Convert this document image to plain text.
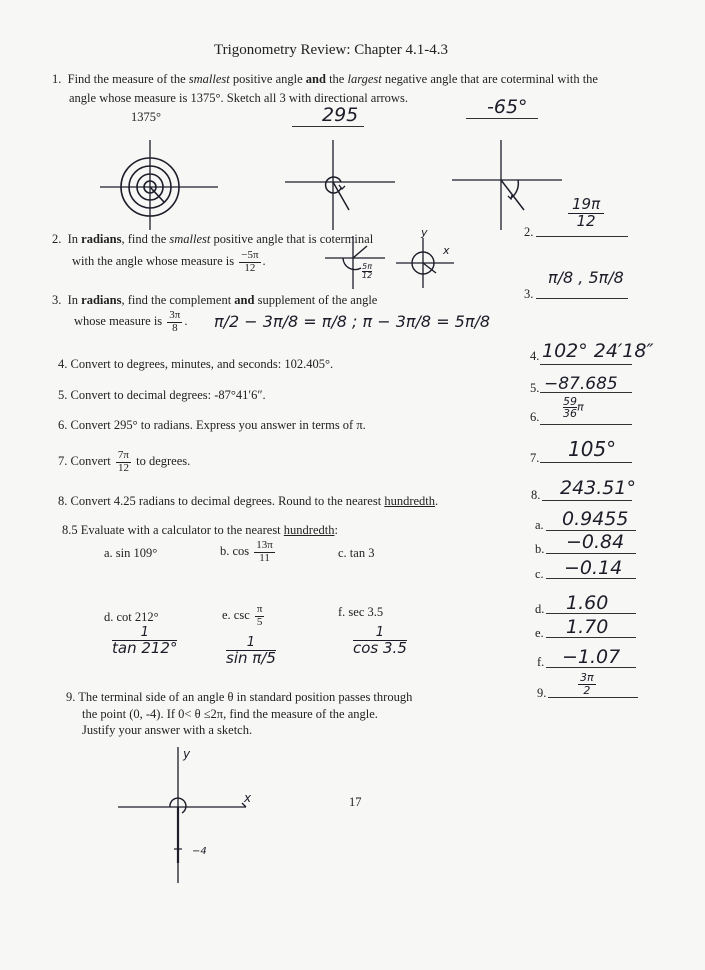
Trigonometry Review: Chapter 4.1-4.3
1. Find the measure of the smallest positive angle and the largest negative angle that are coterminal with the
angle whose measure is 1375°. Sketch all 3 with directional arrows.
1375°	295	-65°
2. In radians, find the smallest positive angle that is coterminal
with the angle whose measure is $\frac{-5\pi}{12}$ .
$\frac{5\pi}{12}$
y
x
2.
$\frac{19\pi}{12}$
3. In radians, find the complement and supplement of the angle
whose measure is $\frac{3\pi}{8}$ . π/2 − 3π/8 = π/8 ; π − 3π/8 = 5π/8
3.
π/8 , 5π/8
4. Convert to degrees, minutes, and seconds: 102.405°.
4. 102° 24′18″
5. Convert to decimal degrees: -87°41′6″.	5. −87.685
6. Convert 295° to radians. Express you answer in terms of π.
6. $\frac{59}{36}$ π
7. Convert $\frac{7\pi}{12}$ to degrees.	7. 105°
8. Convert 4.25 radians to decimal degrees. Round to the nearest hundredth.	8. 243.51°
8.5 Evaluate with a calculator to the nearest hundredth:
a. sin 109°	b. $\cos \frac{13\pi}{11}$	c. tan 3
d. cot 212°	e. $\csc \frac{\pi}{5}$	f. sec 3.5
$\frac{1}{\tan 212^\circ}$	$\frac{1}{\text{sin π/5}}$	$\frac{1}{\cos 3.5}$
a. 0.9455
b. −0.84
c. −0.14
d. 1.60
e. 1.70
f. −1.07
9. The terminal side of an angle θ in standard position passes through
the point (0, -4). If 0< θ ≤2π, find the measure of the angle.
Justify your answer with a sketch.
9.	$\frac{3\pi}{2}$
y
x
−4
17
